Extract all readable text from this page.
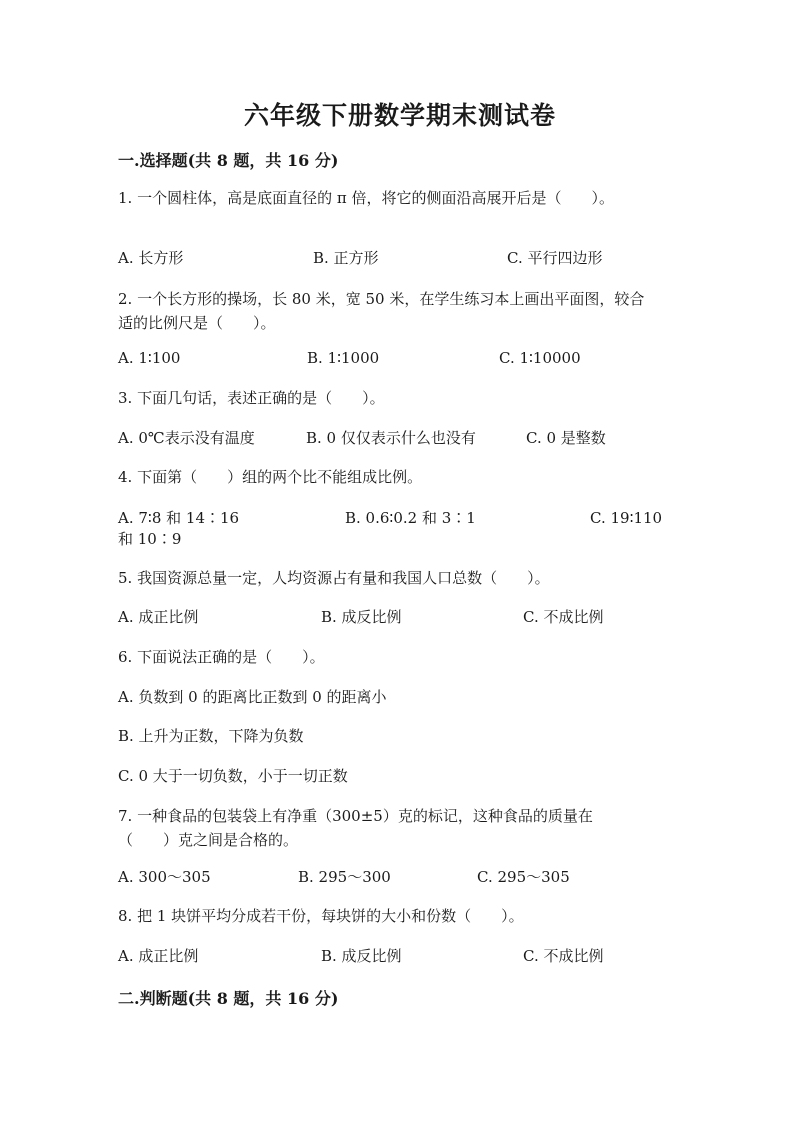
六年级下册数学期末测试卷
一.选择题(共 8 题，共 16 分)
1. 一个圆柱体，高是底面直径的 π 倍，将它的侧面沿高展开后是（　　）。
A. 长方形	B. 正方形	C. 平行四边形
2. 一个长方形的操场，长 80 米，宽 50 米，在学生练习本上画出平面图，较合
适的比例尺是（　　）。
A. 1∶100	B. 1∶1000	C. 1∶10000
3. 下面几句话，表述正确的是（　　）。
A. 0℃表示没有温度	B. 0 仅仅表示什么也没有	C. 0 是整数
4. 下面第（　　）组的两个比不能组成比例。
A. 7∶8 和 14∶16	B. 0.6∶0.2 和 3∶1	C. 19∶110
和 10∶9
5. 我国资源总量一定，人均资源占有量和我国人口总数（　　）。
A. 成正比例	B. 成反比例	C. 不成比例
6. 下面说法正确的是（　　）。
A. 负数到 0 的距离比正数到 0 的距离小
B. 上升为正数，下降为负数
C. 0 大于一切负数，小于一切正数
7. 一种食品的包装袋上有净重（300±5）克的标记，这种食品的质量在
（　　）克之间是合格的。
A. 300～305	B. 295～300	C. 295～305
8. 把 1 块饼平均分成若干份，每块饼的大小和份数（　　）。
A. 成正比例	B. 成反比例	C. 不成比例
二.判断题(共 8 题，共 16 分)
